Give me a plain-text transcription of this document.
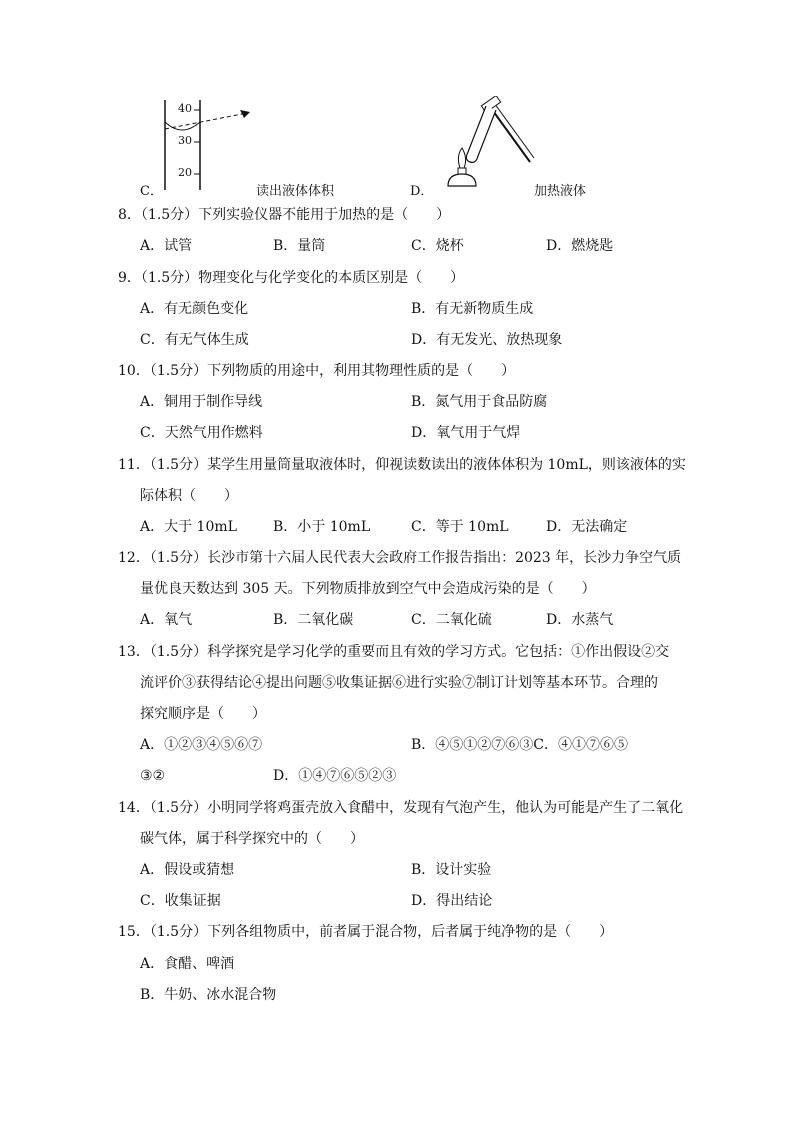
C．
40
30
20
读出液体体积	D．	加热液体
8．（1.5分）下列实验仪器不能用于加热的是（　　）
A．试管	B．量筒	C．烧杯	D．燃烧匙
9．（1.5分）物理变化与化学变化的本质区别是（　　）
A．有无颜色变化	B．有无新物质生成
C．有无气体生成	D．有无发光、放热现象
10．（1.5分）下列物质的用途中，利用其物理性质的是（　　）
A．铜用于制作导线	B．氮气用于食品防腐
C．天然气用作燃料	D．氧气用于气焊
11．（1.5分）某学生用量筒量取液体时，仰视读数读出的液体体积为 10mL，则该液体的实
际体积（　　）
A．大于 10mL	B．小于 10mL	C．等于 10mL	D．无法确定
12．（1.5分）长沙市第十六届人民代表大会政府工作报告指出：2023 年，长沙力争空气质
量优良天数达到 305 天。下列物质排放到空气中会造成污染的是（　　）
A．氧气	B．二氧化碳	C．二氧化硫	D．水蒸气
13．（1.5分）科学探究是学习化学的重要而且有效的学习方式。它包括：①作出假设②交
流评价③获得结论④提出问题⑤收集证据⑥进行实验⑦制订计划等基本环节。合理的
探究顺序是（　　）
A．①②③④⑤⑥⑦	B．④⑤①②⑦⑥③C．④①⑦⑥⑤
③②	D．①④⑦⑥⑤②③
14．（1.5分）小明同学将鸡蛋壳放入食醋中，发现有气泡产生，他认为可能是产生了二氧化
碳气体，属于科学探究中的（　　）
A．假设或猜想	B．设计实验
C．收集证据	D．得出结论
15．（1.5分）下列各组物质中，前者属于混合物，后者属于纯净物的是（　　）
A．食醋、啤酒
B．牛奶、冰水混合物
